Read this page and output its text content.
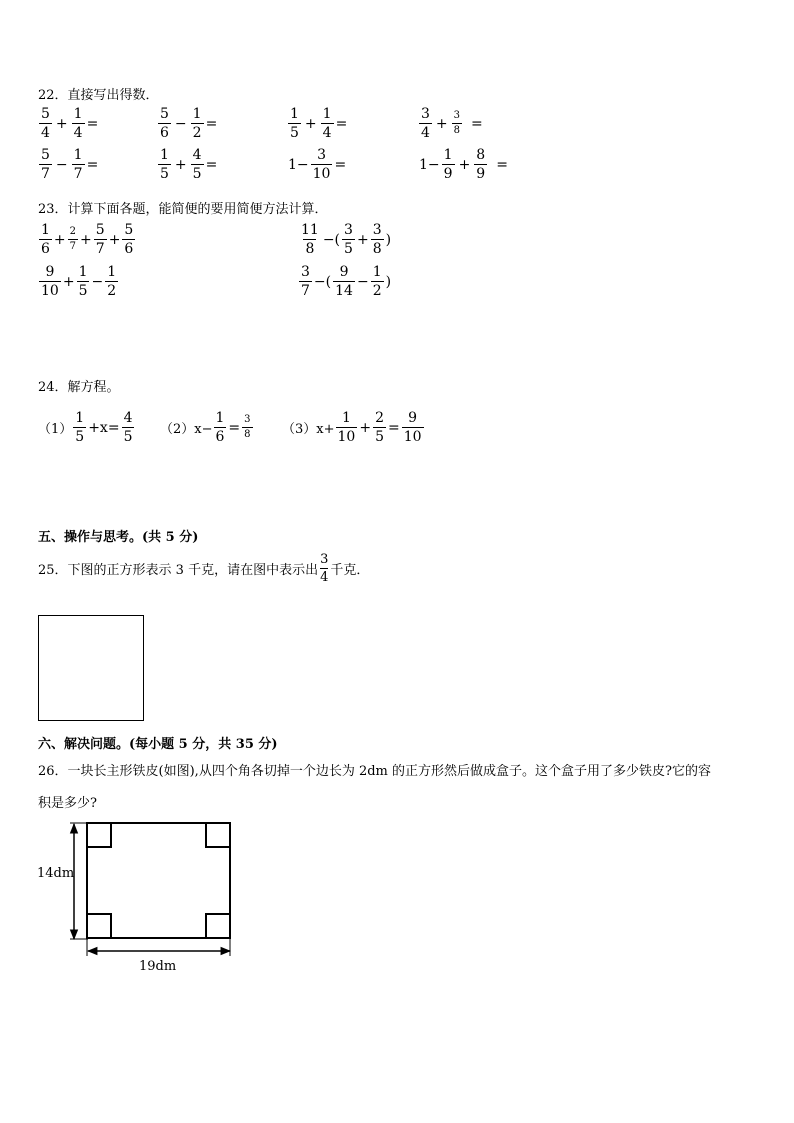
22．直接写出得数．
$\frac{5}{4} + \frac{1}{4}$ =	$\frac{5}{6} - \frac{1}{2}$ =	$\frac{1}{5} + \frac{1}{4}$ =	$\frac{3}{4} + \frac{3}{8}$ =
$\frac{5}{7} - \frac{1}{7}$ =	$\frac{1}{5} + \frac{4}{5}$ =	$1- \frac{3}{10}$ =	$1- \frac{1}{9} + \frac{8}{9}$ =
23．计算下面各题，能简便的要用简便方法计算．
$\frac{1}{6} + \frac{2}{7} + \frac{5}{7} + \frac{5}{6}$	$\frac{11}{8}$ −( $\frac{3}{5} + \frac{3}{8}$ )
$\frac{9}{10} + \frac{1}{5} - \frac{1}{2}$	$\frac{3}{7}$ −( $\frac{9}{14} - \frac{1}{2}$ )
24．解方程。
$(1) \frac{1}{5} +x= \frac{4}{5} (2)x- \frac{1}{6} = \frac{3}{8} (3)x+ \frac{1}{10} + \frac{2}{5} = \frac{9}{10}$
五、操作与思考。(共 5 分)
25．下图的正方形表示 3 千克，请在图中表示出 $\frac{3}{4}$ 千克．
六、解决问题。(每小题 5 分，共 35 分)
26．一块长主形铁皮(如图),从四个角各切掉一个边长为 2dm 的正方形然后做成盒子。这个盒子用了多少铁皮?它的容
积是多少?
14dm
19dm
